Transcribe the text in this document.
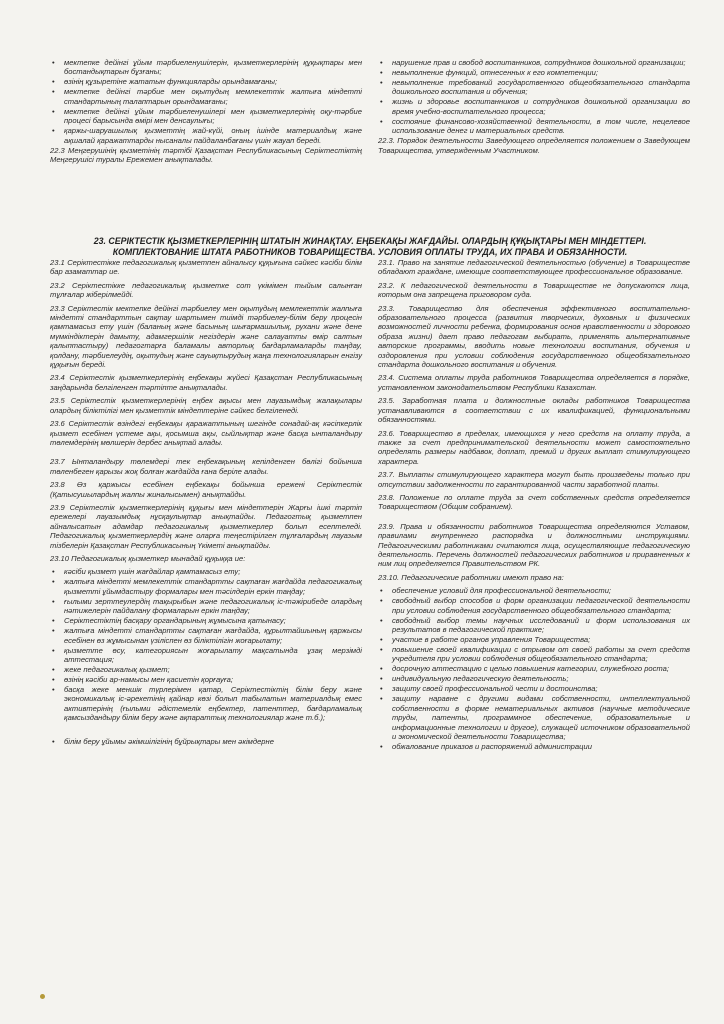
• мектепке дейінгі ұйым тәрбиеленушілерін, қызметкерлерінің құқықтары мен бостандықтарын бұзғаны;
• өзінің құзыретіне жататын функцияларды орындамағаны;
• мектепке дейінгі тәрбие мен оқытудың мемлекеттік жалпыға міндетті стандартының талаптарын орындамағаны;
• мектепке дейінгі ұйым тәрбиеленушілері мен қызметкерлерінің оқу-тәрбие процесі барысында өмірі мен денсаулығы;
• қаржы-шаруашылық қызметтің жай-күйі, оның ішінде материалдық және ақшалай қаражаттарды нысаналы пайдаланбағаны үшін жауап береді.

22.3 Меңгерушінің қызметінің тәртібі Қазақстан Республикасының Серіктестіктің Меңгерушісі туралы Ережемен анықталады.

• нарушение прав и свобод воспитанников, сотрудников дошкольной организации;
• невыполнение функций, отнесенных к его компетенции;
• невыполнение требований государственного общеобязательного стандарта дошкольного воспитания и обучения;
• жизнь и здоровье воспитанников и сотрудников дошкольной организации во время учебно-воспитательного процесса;
• состояние финансово-хозяйственной деятельности, в том числе, нецелевое использование денег и материальных средств.

22.3. Порядок деятельности Заведующего определяется положением о Заведующем Товарищества, утвержденным Участником.

23. СЕРІКТЕСТІК ҚЫЗМЕТКЕРЛЕРІНІҢ ШТАТЫН ЖИНАҚТАУ. ЕҢБЕКАҚЫ ЖАҒДАЙЫ. ОЛАРДЫҢ ҚҰҚЫҚТАРЫ МЕН МІНДЕТТЕРІ.
КОМПЛЕКТОВАНИЕ ШТАТА РАБОТНИКОВ ТОВАРИЩЕСТВА. УСЛОВИЯ ОПЛАТЫ ТРУДА, ИХ ПРАВА И ОБЯЗАННОСТИ.

23.1 Серіктестікке педагогикалық қызметпен айналысу құқығына сәйкес кәсіби білім бар азаматтар ие.

23.2 Серіктестікке педагогикалық қызметке сот үкімімен тыйым салынған тұлғалар жіберілмейді.

23.3 Серіктестік мектепке дейінгі тәрбиелеу мен оқытудың мемлекеттік жалпыға міндетті стандарттын сақтау шартымен тиімді тәрбиелеу-білім беру процесін қамтамасыз ету үшін (баланың және басының шығармашылық, рухани және дене мүмкіндіктерін дамыту, адамгершілік негіздерін және салауатты өмір салтын қалыптастыру) педагогтарға баламалы авторлық бағдарламаларды таңдау, қолдану, тәрбиелеудің, оқытудың және сауықтырудың жаңа технологияларын енгізу құқығын береді.

23.4 Серіктестік қызметкерлерінің еңбекақы жүйесі Қазақстан Республикасының заңдарында белгіленген тәртіпте анықталады.

23.5 Серіктестік қызметкерлерінің еңбек ақысы мен лауазымдық жалақылары олардың біліктілігі мен қызметтік міндеттеріне сәйкес белгіленеді.

23.6 Серіктестік өзіндегі еңбекақы қаражаттының шегінде сонадай-ақ кәсіпкерлік қызмет есебінен үстеме ақы, қосымша ақы, сыйлықтар және басқа ынталандыру төлемдерінің мөлшерін дербес анықтай алады.

23.7 Ынталандыру төлемдері тек еңбекақының кепілденген бөлігі бойынша төленбеген қарызы жоқ болған жағдайда ғана берілe алады.

23.8 Өз қаржысы есебінен еңбекақы бойынша ережені Серіктестік (Қатысушылардың жалпы жиналысымен) анықтайды.

23.9 Серіктестік қызметкерлерінің құқығы мен міндеттерін Жарғы ішкі тәртіп ережелері лауазымдық нұсқаулықтар анықтайды. Педагогтық қызметпен айналысатын адамдар педагогикалық қызметкерлер болып есептеледі. Педагогикалық қызметкерлердің және оларға теңестірілген тұлғалардың лауазым тізбелерін Қазақстан Республикасының Үкіметі анықтайды.

23.10 Педагогикалық қызметкер мынадай құқыққа ие:

• кәсіби қызмет үшін жағдайлар қамтамасыз ету;
• жалпыға міндетті мемлекеттік стандартты сақтаған жағдайда педагогикалық қызметті ұйымдастыру формалары мен тәсілдерін еркін таңдау;
• ғылыми зерттеулердің тақырыбын және педагогикалық іс-тәжірибеде олардың нәтижелерін пайдалану формаларын еркін таңдау;
• Серіктестіктің басқару органдарының жұмысына қатынасу;
• жалпыға міндетті стандартты сақтаған жағдайда, құрылтайшының қаржысы есебінен өз жұмысынан үзіліспен өз біліктілігін жоғарылату;
• қызметте өсу, категориясын жоғарылату мақсатында ұзақ мерзімді аттестация;
• жеке педагогикалық қызмет;
• өзінің кәсіби ар-намысы мен қасиетін қорғауға;
• басқа жеке меншік түрлерімен қатар, Серіктестіктің білім беру және экономикалық іс-әрекетінің қайнар көзі болып табылатын материалдық емес активтерінің (ғылыми әдістемелік еңбектер, патенттер, бағдарламалық қамсыздандыру білім беру және ақпараттық технологиялар және т.б.);
• білім беру ұйымы әкімшілігінің бұйрықтары мен әкімдерне

23.1. Право на занятие педагогической деятельностью (обучение) в Товариществе обладают граждане, имеющие соответствующее профессиональное образование.

23.2. К педагогической деятельности в Товариществе не допускаются лица, которым она запрещена приговором суда.

23.3. Товарищество для обеспечения эффективного воспитательно-образовательного процесса (развития творческих, духовных и физических возможностей личности ребенка, формирования основ нравственности и здорового образа жизни) дает право педагогам выбирать, применять альтернативные авторские программы, вводить новые технологии воспитания, обучения и оздоровления при условии соблюдения государственного общеобязательного стандарта дошкольного воспитания и обучения.

23.4. Система оплаты труда работников Товарищества определяется в порядке, установленном законодательством Республики Казахстан.

23.5. Заработная плата и должностные оклады работников Товарищества устанавливаются в соответствии с их квалификацией, функциональными обязанностями.

23.6. Товарищество в пределах, имеющихся у него средств на оплату труда, а также за счет предпринимательской деятельности может самостоятельно определять размеры надбавок, доплат, премий и других выплат стимулирующего характера.

23.7. Выплаты стимулирующего характера могут быть произведены только при отсутствии задолженности по гарантированной части заработной платы.

23.8. Положение по оплате труда за счет собственных средств определяется Товариществом (Общим собранием).

23.9. Права и обязанности работников Товарищества определяются Уставом, правилами внутреннего распорядка и должностными инструкциями. Педагогическими работниками считаются лица, осуществляющие педагогическую деятельность. Перечень должностей педагогических работников и приравненных к ним лиц определяется Правительством РК.

23.10. Педагогические работники имеют право на:

• обеспечение условий для профессиональной деятельности;
• свободный выбор способов и форм организации педагогической деятельности при условии соблюдения государственного общеобязательного стандарта;
• свободный выбор темы научных исследований и форм использования их результатов в педагогической практике;
• участие в работе органов управления Товарищества;
• повышение своей квалификации с отрывом от своей работы за счет средств учредителя при условии соблюдения общеобязательного стандарта;
• досрочную аттестацию с целью повышения категории, служебного роста;
• индивидуальную педагогическую деятельность;
• защиту своей профессиональной чести и достоинства;
• защиту наравне с другими видами собственности, интеллектуальной собственности в форме нематериальных активов (научные методические труды, патенты, программное обеспечение, образовательные и информационные технологии и другое), служащей источником образовательной и экономической деятельности Товарищества;
• обжалование приказов и распоряжений администрации
